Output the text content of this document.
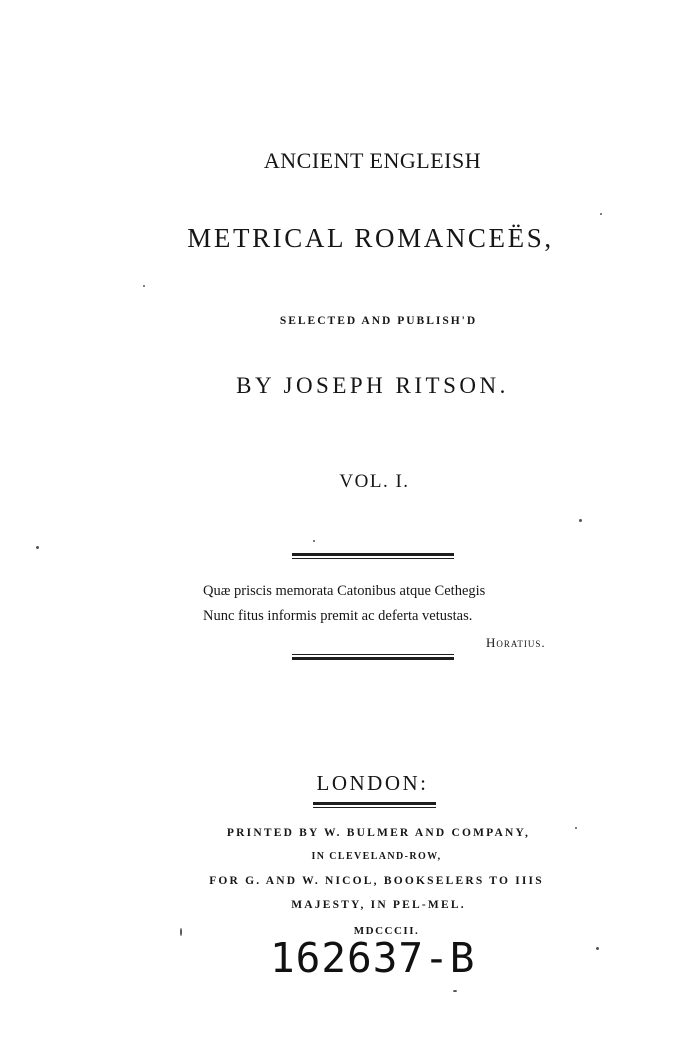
ANCIENT ENGLEISH
METRICAL ROMANCEËS,
SELECTED AND PUBLISH'D
BY JOSEPH RITSON.
VOL. I.
Quæ priscis memorata Catonibus atque Cethegis
Nunc fitus informis premit ac deferta vetustas.
Horatius.
LONDON:
PRINTED BY W. BULMER AND COMPANY,
IN CLEVELAND-ROW,
FOR G. AND W. NICOL, BOOKSELERS TO IIIS
MAJESTY, IN PEL-MEL.
MDCCCII.
162637-B
